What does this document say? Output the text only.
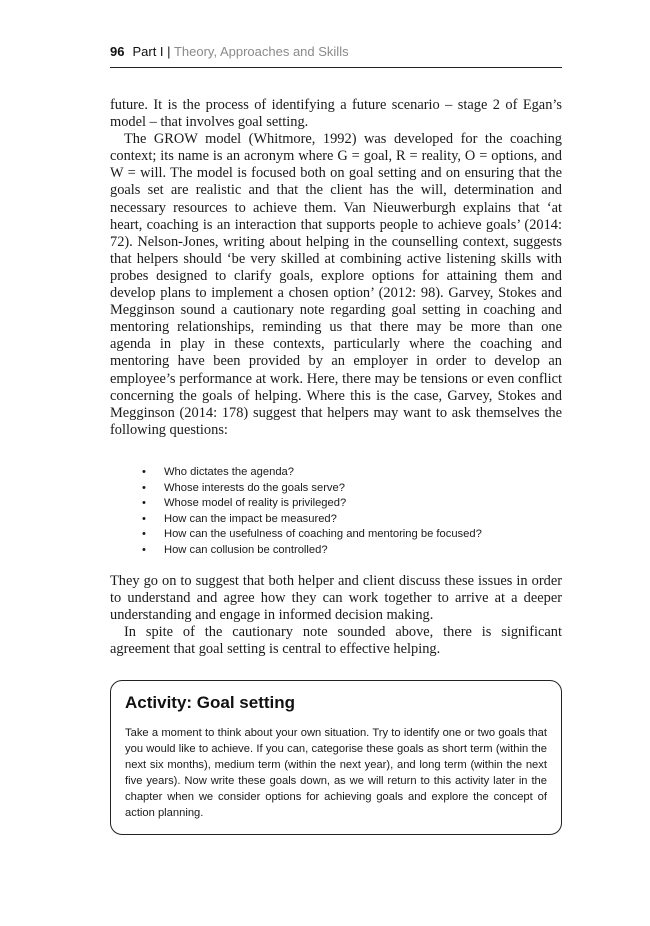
96 Part I | Theory, Approaches and Skills

future. It is the process of identifying a future scenario – stage 2 of Egan’s model – that involves goal setting.

The GROW model (Whitmore, 1992) was developed for the coaching context; its name is an acronym where G = goal, R = reality, O = options, and W = will. The model is focused both on goal setting and on ensuring that the goals set are realistic and that the client has the will, determination and necessary resources to achieve them. Van Nieuwerburgh explains that ‘at heart, coaching is an interaction that supports people to achieve goals’ (2014: 72). Nelson-Jones, writing about helping in the counselling context, suggests that helpers should ‘be very skilled at combining active listening skills with probes designed to clarify goals, explore options for attaining them and develop plans to implement a chosen option’ (2012: 98). Garvey, Stokes and Megginson sound a cautionary note regarding goal setting in coaching and mentoring relationships, reminding us that there may be more than one agenda in play in these contexts, particularly where the coaching and mentoring have been provided by an employer in order to develop an employee’s performance at work. Here, there may be tensions or even conflict concerning the goals of helping. Where this is the case, Garvey, Stokes and Megginson (2014: 178) suggest that helpers may want to ask themselves the following questions:

• Who dictates the agenda?
• Whose interests do the goals serve?
• Whose model of reality is privileged?
• How can the impact be measured?
• How can the usefulness of coaching and mentoring be focused?
• How can collusion be controlled?

They go on to suggest that both helper and client discuss these issues in order to understand and agree how they can work together to arrive at a deeper understanding and engage in informed decision making.

In spite of the cautionary note sounded above, there is significant agreement that goal setting is central to effective helping.

Activity: Goal setting

Take a moment to think about your own situation. Try to identify one or two goals that you would like to achieve. If you can, categorise these goals as short term (within the next six months), medium term (within the next year), and long term (within the next five years). Now write these goals down, as we will return to this activity later in the chapter when we consider options for achieving goals and explore the concept of action planning.
